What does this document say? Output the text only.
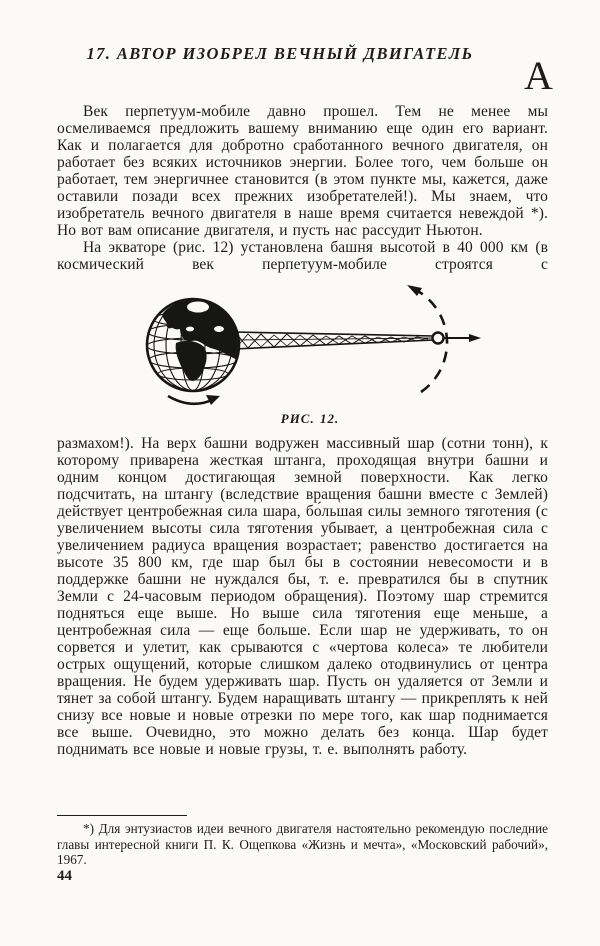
17. АВТОР ИЗОБРЕЛ ВЕЧНЫЙ ДВИГАТЕЛЬ	А

Век перпетуум-мобиле давно прошел. Тем не менее мы осмеливаемся предложить вашему вниманию еще один его вариант. Как и полагается для добротно сработанного вечного двигателя, он работает без всяких источников энергии. Более того, чем больше он работает, тем энергичнее становится (в этом пункте мы, кажется, даже оставили позади всех прежних изобретателей!). Мы знаем, что изобретатель вечного двигателя в наше время считается невеждой *). Но вот вам описание двигателя, и пусть нас рассудит Ньютон.

На экваторе (рис. 12) установлена башня высотой в 40 000 км (в космический век перпетуум-мобиле строятся с

РИС. 12.

размахом!). На верх башни водружен массивный шар (сотни тонн), к которому приварена жесткая штанга, проходящая внутри башни и одним концом достигающая земной поверхности. Как легко подсчитать, на штангу (вследствие вращения башни вместе с Землей) действует центробежная сила шара, бо́льшая силы земного тяготения (с увеличением высоты сила тяготения убывает, а центробежная сила с увеличением радиуса вращения возрастает; равенство достигается на высоте 35 800 км, где шар был бы в состоянии невесомости и в поддержке башни не нуждался бы, т. е. превратился бы в спутник Земли с 24-часовым периодом обращения). Поэтому шар стремится подняться еще выше. Но выше сила тяготения еще меньше, а центробежная сила — еще больше. Если шар не удерживать, то он сорвется и улетит, как срываются с «чертова колеса» те любители острых ощущений, которые слишком далеко отодвинулись от центра вращения. Не будем удерживать шар. Пусть он удаляется от Земли и тянет за собой штангу. Будем наращивать штангу — прикреплять к ней снизу все новые и новые отрезки по мере того, как шар поднимается все выше. Очевидно, это можно делать без конца. Шар будет поднимать все новые и новые грузы, т. е. выполнять работу.

*) Для энтузиастов идеи вечного двигателя настоятельно рекомендую последние главы интересной книги П. К. Ощепкова «Жизнь и мечта», «Московский рабочий», 1967.
44
